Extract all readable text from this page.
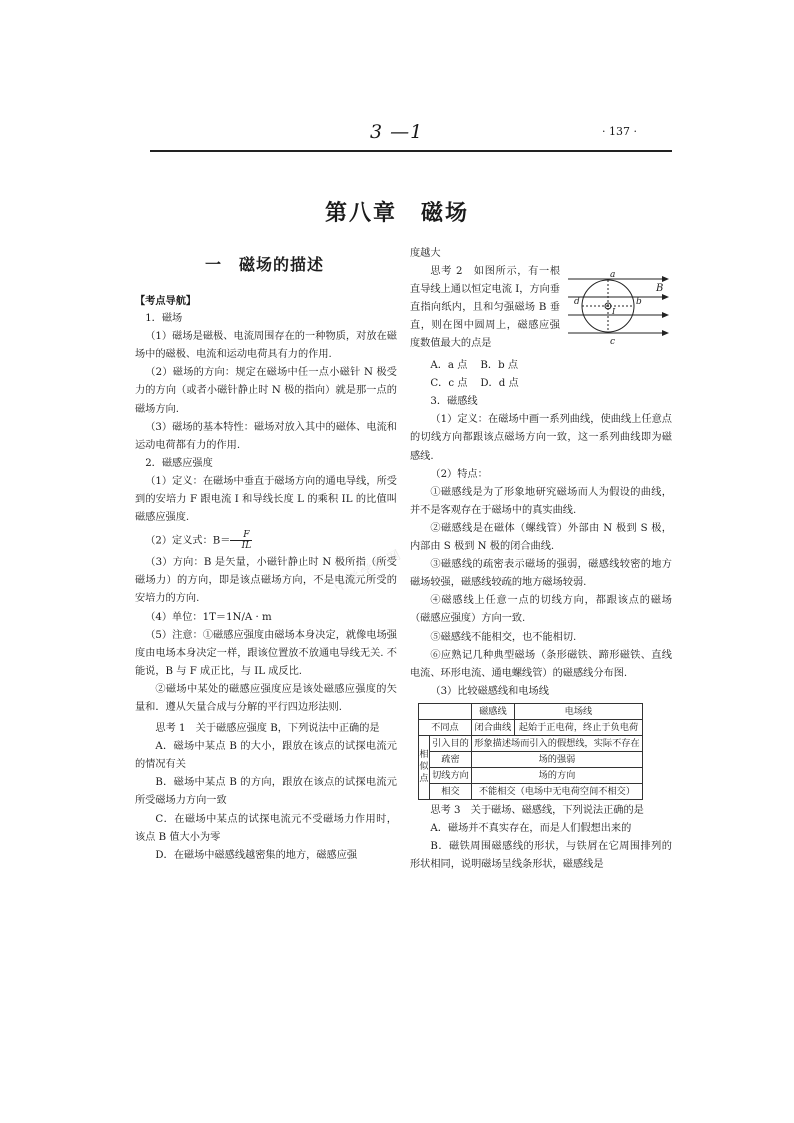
3 —1	· 137 ·
第八章　磁场
一　磁场的描述
中学学科网

【考点导航】

1．磁场

（1）磁场是磁极、电流周围存在的一种物质，对放在磁场中的磁极、电流和运动电荷具有力的作用.

（2）磁场的方向：规定在磁场中任一点小磁针 N 极受力的方向（或者小磁针静止时 N 极的指向）就是那一点的磁场方向.

（3）磁场的基本特性：磁场对放入其中的磁体、电流和运动电荷都有力的作用.

2．磁感应强度

（1）定义：在磁场中垂直于磁场方向的通电导线，所受到的安培力 F 跟电流 I 和导线长度 L 的乘积 IL 的比值叫磁感应强度.

（2）定义式：$B= \frac{F}{IL}$

（3）方向：B 是矢量，小磁针静止时 N 极所指（所受磁场力）的方向，即是该点磁场方向，不是电流元所受的安培力的方向.

（4）单位：1T＝1N/A · m

（5）注意：①磁感应强度由磁场本身决定，就像电场强度由电场本身决定一样，跟该位置放不放通电导线无关. 不能说，B 与 F 成正比，与 IL 成反比.

②磁场中某处的磁感应强度应是该处磁感应强度的矢量和．遵从矢量合成与分解的平行四边形法则.

思考 1　关于磁感应强度 B，下列说法中正确的是

A．磁场中某点 B 的大小，跟放在该点的试探电流元的情况有关

B．磁场中某点 B 的方向，跟放在该点的试探电流元所受磁场力方向一致

C．在磁场中某点的试探电流元不受磁场力作用时，该点 B 值大小为零

D．在磁场中磁感线越密集的地方，磁感应强

度越大

思考 2　如图所示，有一根直导线上通以恒定电流 I，方向垂直指向纸内，且和匀强磁场 B 垂直，则在图中圆周上，磁感应强度数值最大的点是

a
b
c
d
B
I

A．a 点 B．b 点

C．c 点 D．d 点

3．磁感线

（1）定义：在磁场中画一系列曲线，使曲线上任意点的切线方向都跟该点磁场方向一致，这一系列曲线即为磁感线.

（2）特点：

①磁感线是为了形象地研究磁场而人为假设的曲线，并不是客观存在于磁场中的真实曲线.

②磁感线是在磁体（螺线管）外部由 N 极到 S 极，内部由 S 极到 N 极的闭合曲线.

③磁感线的疏密表示磁场的强弱，磁感线较密的地方磁场较强，磁感线较疏的地方磁场较弱.

④磁感线上任意一点的切线方向，都跟该点的磁场（磁感应强度）方向一致.

⑤磁感线不能相交，也不能相切.

⑥应熟记几种典型磁场（条形磁铁、蹄形磁铁、直线电流、环形电流、通电螺线管）的磁感线分布图.

（3）比较磁感线和电场线

		磁感线	电场线
不同点		闭合曲线	起始于正电荷，终止于负电荷
相似点	引入目的	形象描述场而引入的假想线，实际不存在	
	疏密	场的强弱	
	切线方向	场的方向	
	相交	不能相交（电场中无电荷空间不相交）	

思考 3　关于磁场、磁感线，下列说法正确的是

A．磁场并不真实存在，而是人们假想出来的

B．磁铁周围磁感线的形状，与铁屑在它周围排列的形状相同，说明磁场呈线条形状，磁感线是
